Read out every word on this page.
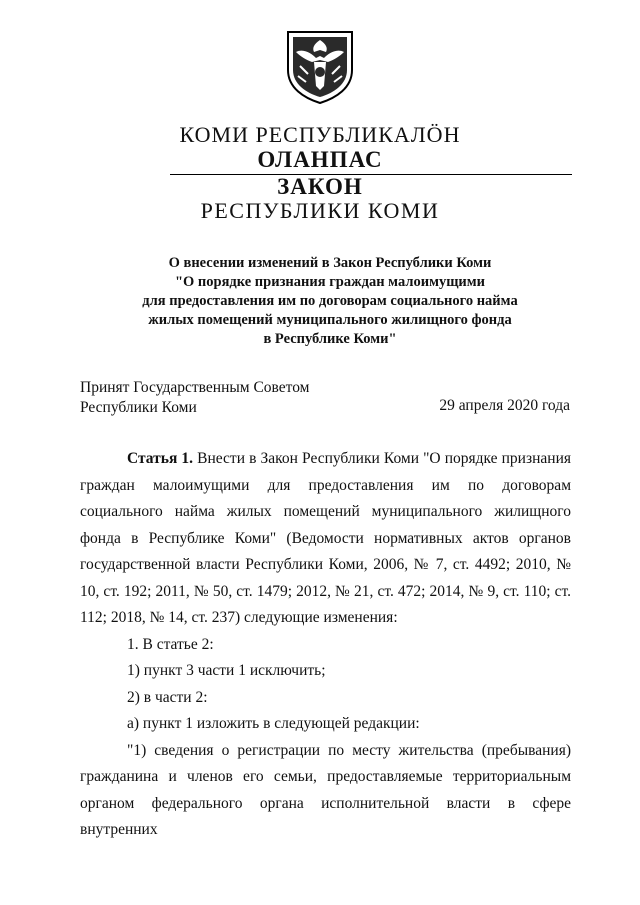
КОМИ РЕСПУБЛИКАЛӦН
ОЛАНПАС
ЗАКОН
РЕСПУБЛИКИ КОМИ
О внесении изменений в Закон Республики Коми
"О порядке признания граждан малоимущими
для предоставления им по договорам социального найма
жилых помещений муниципального жилищного фонда
в Республике Коми"
Принят Государственным Советом
Республики Коми	29 апреля 2020 года

Статья 1. Внести в Закон Республики Коми "О порядке признания граждан малоимущими для предоставления им по договорам социального найма жилых помещений муниципального жилищного фонда в Республике Коми" (Ведомости нормативных актов органов государственной власти Республики Коми, 2006, № 7, ст. 4492; 2010, № 10, ст. 192; 2011, № 50, ст. 1479; 2012, № 21, ст. 472; 2014, № 9, ст. 110; ст. 112; 2018, № 14, ст. 237) следующие изменения:

1. В статье 2:

1) пункт 3 части 1 исключить;

2) в части 2:

а) пункт 1 изложить в следующей редакции:

"1) сведения о регистрации по месту жительства (пребывания) гражданина и членов его семьи, предоставляемые территориальным органом федерального органа исполнительной власти в сфере внутренних
